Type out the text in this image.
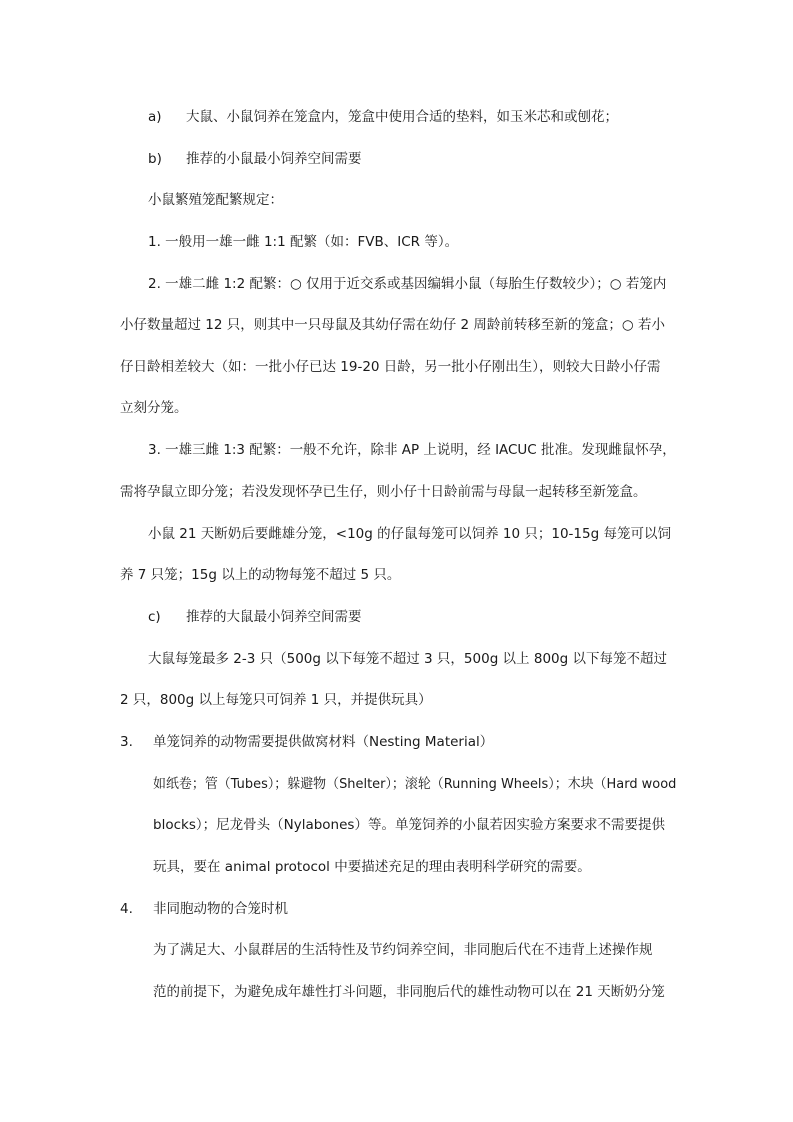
a) 大鼠、小鼠饲养在笼盒内，笼盒中使用合适的垫料，如玉米芯和或刨花；
b) 推荐的小鼠最小饲养空间需要
小鼠繁殖笼配繁规定：
1. 一般用一雄一雌 1:1 配繁（如：FVB、ICR 等）。
2. 一雄二雌 1:2 配繁：○ 仅用于近交系或基因编辑小鼠（每胎生仔数较少）；○ 若笼内
小仔数量超过 12 只，则其中一只母鼠及其幼仔需在幼仔 2 周龄前转移至新的笼盒；○ 若小
仔日龄相差较大（如：一批小仔已达 19-20 日龄，另一批小仔刚出生），则较大日龄小仔需
立刻分笼。
3. 一雄三雌 1:3 配繁：一般不允许，除非 AP 上说明，经 IACUC 批准。发现雌鼠怀孕，
需将孕鼠立即分笼；若没发现怀孕已生仔，则小仔十日龄前需与母鼠一起转移至新笼盒。
小鼠 21 天断奶后要雌雄分笼，<10g 的仔鼠每笼可以饲养 10 只；10-15g 每笼可以饲
养 7 只笼；15g 以上的动物每笼不超过 5 只。
c) 推荐的大鼠最小饲养空间需要
大鼠每笼最多 2-3 只（500g 以下每笼不超过 3 只，500g 以上 800g 以下每笼不超过
2 只，800g 以上每笼只可饲养 1 只，并提供玩具）
3. 单笼饲养的动物需要提供做窝材料（Nesting Material）
如纸卷；管（Tubes）；躲避物（Shelter）；滚轮（Running Wheels）；木块（Hard wood
blocks）；尼龙骨头（Nylabones）等。单笼饲养的小鼠若因实验方案要求不需要提供
玩具，要在 animal protocol 中要描述充足的理由表明科学研究的需要。
4. 非同胞动物的合笼时机
为了满足大、小鼠群居的生活特性及节约饲养空间，非同胞后代在不违背上述操作规
范的前提下，为避免成年雄性打斗问题，非同胞后代的雄性动物可以在 21 天断奶分笼
